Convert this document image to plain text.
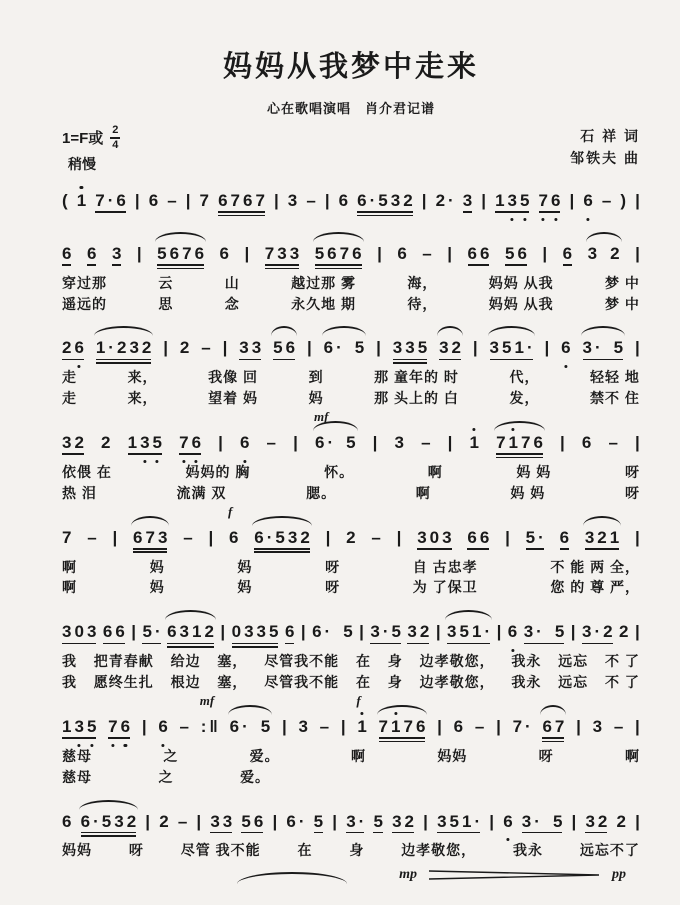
妈妈从我梦中走来
心在歌唱演唱　肖介君记谱
1=F或 $\frac{2}{4}$
稍慢
石 祥 词
邹铁夫 曲
( 1 7 · 6 | 6 – | 7 6 7 6 7 | 3 – | 6 6 · 5 3 2 | 2 · 3 | 1 3 5 7 6 | 6 – ) |
6 6 3 | 5 6 7 6 6 | 7 3 3 5 6 7 6 | 6 – | 6 6 5 6 | 6 3 2 |
穿过那	云	山	越过那 雾	海，	妈妈 从我	梦 中
遥远的	思	念	永久地 期	待，	妈妈 从我	梦 中
2 6 1 · 2 3 2 | 2 – | 3 3 5 6 | 6 · 5 | 3 3 5 3 2 | 3 5 1 · | 6 3 · 5 |
走	来，	我像 回	到	那 童年的 时	代，	轻轻 地
走	来，	望着 妈	妈	那 头上的 白	发，	禁不 住
3 2 2 1 3 5 7 6 | 6 – |
mf
6 · 5 | 3 – | 1 7 1 7 6 | 6 – |
依偎 在	妈妈的 胸	怀。	啊	妈 妈	呀
热 泪	流满 双	腮。	啊	妈 妈	呀
7 – | 6 7 3 – |
f
6 6 · 5 3 2 | 2 – | 3 0 3 6 6 | 5 · 6 3 2 1 |
啊	妈	妈	呀	自 古忠孝	不 能 两 全，
啊	妈	妈	呀	为 了保卫	您 的 尊 严，
3 0 3 6 6 | 5 · 6 3 1 2 | 0 3 3 5 6 | 6 · 5 | 3 · 5 3 2 | 3 5 1 · | 6 3 · 5 | 3 · 2 2 |
我 把青春献 给边 塞， 尽管我不能 在 身 边孝敬您， 我永 远忘 不 了
我 愿终生扎 根边 塞， 尽管我不能 在 身 边孝敬您， 我永 远忘 不 了
1 3 5 7 6 | 6 –
mf
: ‖ 6 · 5 | 3 – |
f
1 7 1 7 6 | 6 – | 7 · 6 7 | 3 – |
慈母	之	爱。	啊	妈妈	呀	啊
慈母	之	爱。
6 6 · 5 3 2 | 2 – | 3 3 5 6 | 6 · 5 | 3 · 5 3 2 | 3 5 1 · | 6 3 · 5 | 3 2 2 |
妈妈	呀	尽管 我不能	在	身	边孝敬您，	我永	远忘不了
mp	pp
